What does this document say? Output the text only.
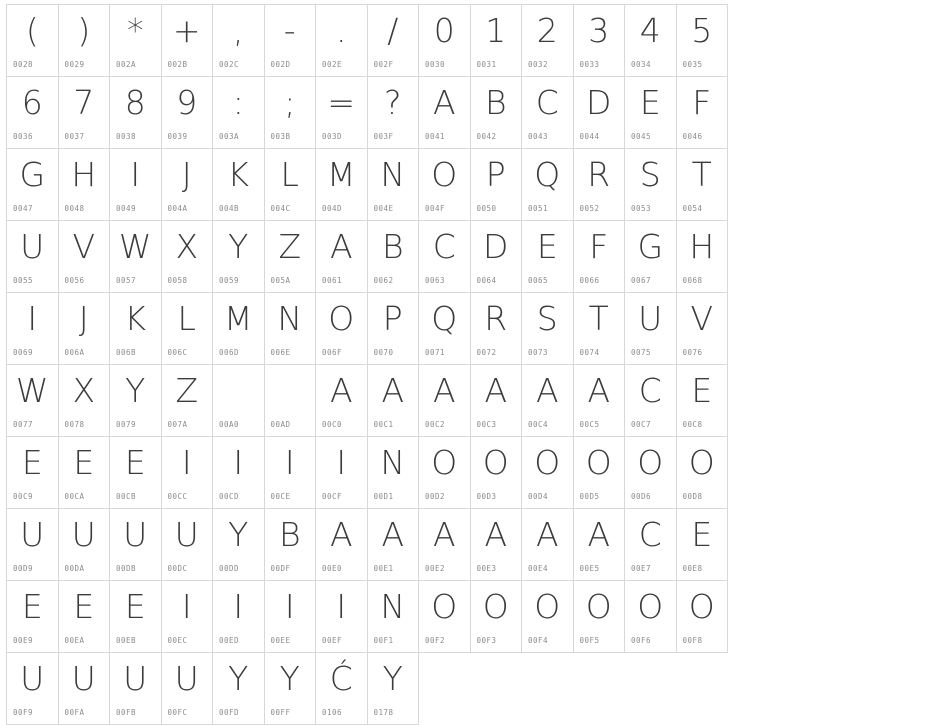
(
0028
)
0029
*
002A
+
002B
,
002C
-
002D
.
002E
/
002F
0
0030
1
0031
2
0032
3
0033
4
0034
5
0035
6
0036
7
0037
8
0038
9
0039
:
003A
;
003B
=
003D
?
003F
A
0041
B
0042
C
0043
D
0044
E
0045
F
0046
G
0047
H
0048
I
0049
J
004A
K
004B
L
004C
M
004D
N
004E
O
004F
P
0050
Q
0051
R
0052
S
0053
T
0054
U
0055
V
0056
W
0057
X
0058
Y
0059
Z
005A
A
0061
B
0062
C
0063
D
0064
E
0065
F
0066
G
0067
H
0068
I
0069
J
006A
K
006B
L
006C
M
006D
N
006E
O
006F
P
0070
Q
0071
R
0072
S
0073
T
0074
U
0075
V
0076
W
0077
X
0078
Y
0079
Z
007A	00A0	00AD
A
00C0
A
00C1
A
00C2
A
00C3
A
00C4
A
00C5
C
00C7
E
00C8
E
00C9
E
00CA
E
00CB
I
00CC
I
00CD
I
00CE
I
00CF
N
00D1
O
00D2
O
00D3
O
00D4
O
00D5
O
00D6
O
00D8
U
00D9
U
00DA
U
00DB
U
00DC
Y
00DD
B
00DF
A
00E0
A
00E1
A
00E2
A
00E3
A
00E4
A
00E5
C
00E7
E
00E8
E
00E9
E
00EA
E
00EB
I
00EC
I
00ED
I
00EE
I
00EF
N
00F1
O
00F2
O
00F3
O
00F4
O
00F5
O
00F6
O
00F8
U
00F9
U
00FA
U
00FB
U
00FC
Y
00FD
Y
00FF
Ć
0106
Y
0178
